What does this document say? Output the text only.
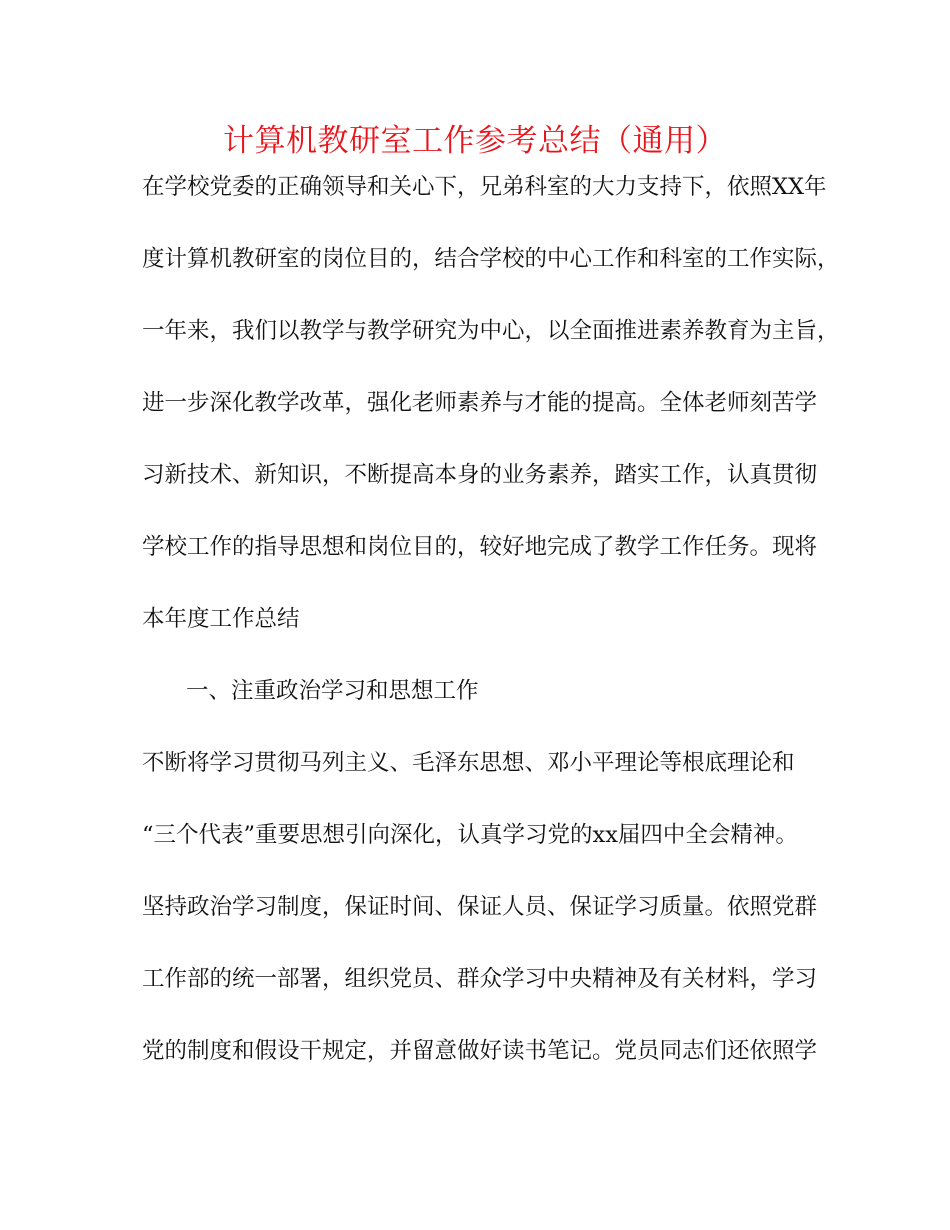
计算机教研室工作参考总结（通用）
在学校党委的正确领导和关心下，兄弟科室的大力支持下，依照XX年
度计算机教研室的岗位目的，结合学校的中心工作和科室的工作实际，
一年来，我们以教学与教学研究为中心，以全面推进素养教育为主旨，
进一步深化教学改革，强化老师素养与才能的提高。全体老师刻苦学
习新技术、新知识，不断提高本身的业务素养，踏实工作，认真贯彻
学校工作的指导思想和岗位目的，较好地完成了教学工作任务。现将
本年度工作总结
一、注重政治学习和思想工作
不断将学习贯彻马列主义、毛泽东思想、邓小平理论等根底理论和
“三个代表”重要思想引向深化，认真学习党的xx届四中全会精神。
坚持政治学习制度，保证时间、保证人员、保证学习质量。依照党群
工作部的统一部署，组织党员、群众学习中央精神及有关材料，学习
党的制度和假设干规定，并留意做好读书笔记。党员同志们还依照学
